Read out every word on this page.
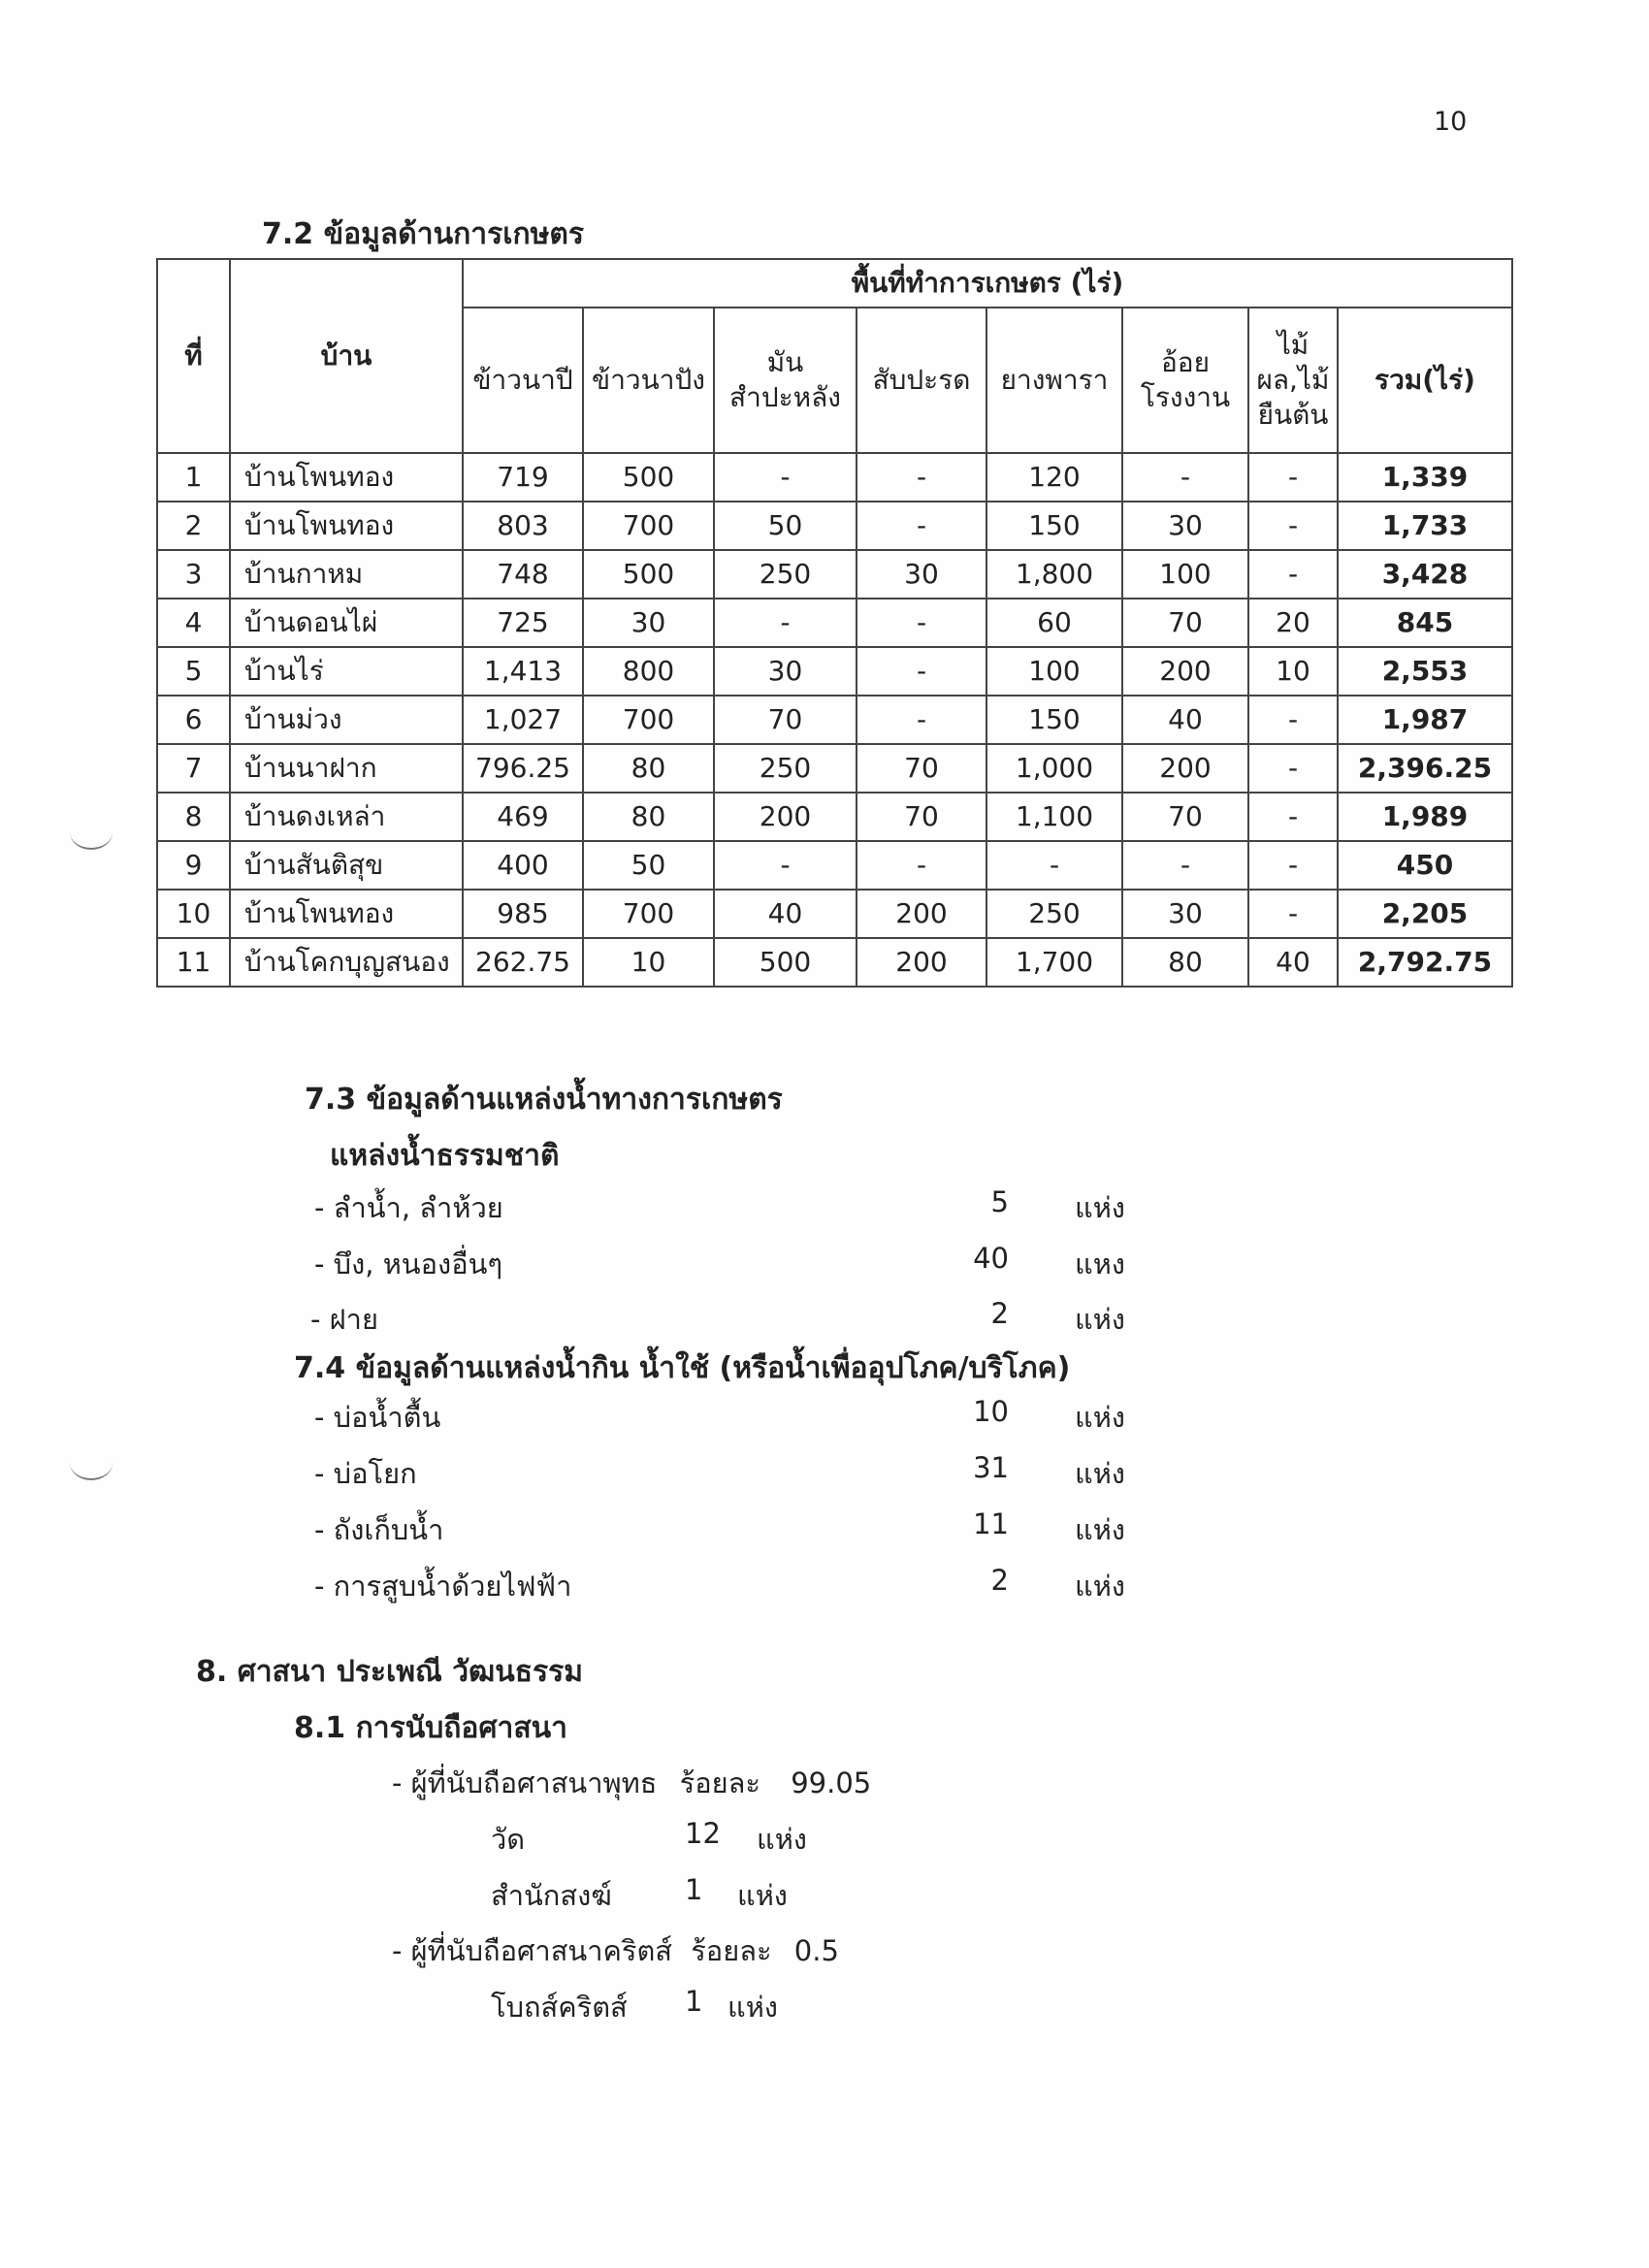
10
7.2 ข้อมูลด้านการเกษตร
ที่	บ้าน	พื้นที่ทำการเกษตร (ไร่)							
		ข้าวนาปี	ข้าวนาปัง	มันสำปะหลัง	สับปะรด	ยางพารา	อ้อยโรงงาน	ไม้ผล,ไม้ยืนต้น	รวม(ไร่)
1	บ้านโพนทอง	719	500	-	-	120	-	-	1,339
2	บ้านโพนทอง	803	700	50	-	150	30	-	1,733
3	บ้านกาหม	748	500	250	30	1,800	100	-	3,428
4	บ้านดอนไผ่	725	30	-	-	60	70	20	845
5	บ้านไร่	1,413	800	30	-	100	200	10	2,553
6	บ้านม่วง	1,027	700	70	-	150	40	-	1,987
7	บ้านนาฝาก	796.25	80	250	70	1,000	200	-	2,396.25
8	บ้านดงเหล่า	469	80	200	70	1,100	70	-	1,989
9	บ้านสันติสุข	400	50	-	-	-	-	-	450
10	บ้านโพนทอง	985	700	40	200	250	30	-	2,205
11	บ้านโคกบุญสนอง	262.75	10	500	200	1,700	80	40	2,792.75
7.3 ข้อมูลด้านแหล่งน้ำทางการเกษตร
แหล่งน้ำธรรมชาติ
- ลำน้ำ, ลำห้วย	5 แห่ง
- บึง, หนองอื่นๆ	40 แหง
- ฝาย	2 แห่ง
7.4 ข้อมูลด้านแหล่งน้ำกิน น้ำใช้ (หรือน้ำเพื่ออุปโภค/บริโภค)
- บ่อน้ำตื้น	10 แห่ง
- บ่อโยก	31 แห่ง
- ถังเก็บน้ำ	11 แห่ง
- การสูบน้ำด้วยไฟฟ้า	2 แห่ง
8. ศาสนา ประเพณี วัฒนธรรม
8.1 การนับถือศาสนา
- ผู้ที่นับถือศาสนาพุทธ ร้อยละ 99.05
วัด	12 แห่ง
สำนักสงฆ์	1 แห่ง
- ผู้ที่นับถือศาสนาคริตส์ ร้อยละ 0.5
โบถส์คริตส์ 1 แห่ง
